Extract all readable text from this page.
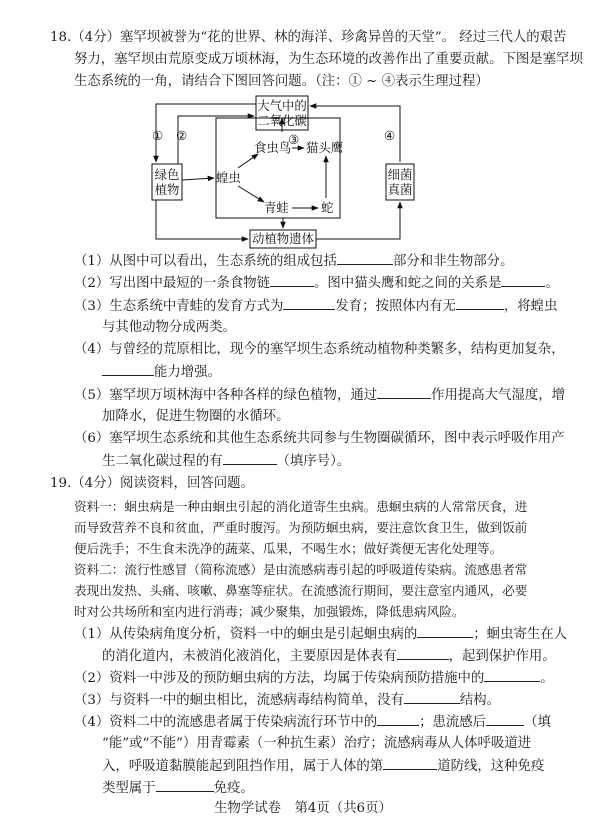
18.（4分）塞罕坝被誉为“花的世界、林的海洋、珍禽异兽的天堂”。 经过三代人的艰苦
努力，塞罕坝由荒原变成万顷林海，为生态环境的改善作出了重要贡献。下图是塞罕坝
生态系统的一角，请结合下图回答问题。（注：① ~ ④表示生理过程）
大气中的
二氧化碳
绿色
植物
细菌
真菌
动植物遗体
食虫鸟 猫头鹰
蝗虫
青蛙	蛇
① ②	③	④
（1）从图中可以看出，生态系统的组成包括	部分和非生物部分。
（2）写出图中最短的一条食物链	。图中猫头鹰和蛇之间的关系是	。
（3）生态系统中青蛙的发育方式为	发育；按照体内有无	，将蝗虫
与其他动物分成两类。
（4）与曾经的荒原相比，现今的塞罕坝生态系统动植物种类繁多，结构更加复杂，
能力增强。
（5）塞罕坝万顷林海中各种各样的绿色植物，通过	作用提高大气湿度，增
加降水，促进生物圈的水循环。
（6）塞罕坝生态系统和其他生态系统共同参与生物圈碳循环，图中表示呼吸作用产
生二氧化碳过程的有	（填序号）。
19.（4分）阅读资料，回答问题。
资料一：蛔虫病是一种由蛔虫引起的消化道寄生虫病。患蛔虫病的人常常厌食，进
而导致营养不良和贫血，严重时腹泻。为预防蛔虫病，要注意饮食卫生，做到饭前
便后洗手；不生食未洗净的蔬菜、瓜果，不喝生水；做好粪便无害化处理等。
资料二：流行性感冒（简称流感）是由流感病毒引起的呼吸道传染病。流感患者常
表现出发热、头痛、咳嗽、鼻塞等症状。在流感流行期间，要注意室内通风，必要
时对公共场所和室内进行消毒；减少聚集，加强锻炼，降低患病风险。
（1）从传染病角度分析，资料一中的蛔虫是引起蛔虫病的	；蛔虫寄生在人
的消化道内，未被消化液消化，主要原因是体表有	，起到保护作用。
（2）资料一中涉及的预防蛔虫病的方法，均属于传染病预防措施中的	。
（3）与资料一中的蛔虫相比，流感病毒结构简单，没有	结构。
（4）资料二中的流感患者属于传染病流行环节中的	；患流感后	（填
“能”或“不能”）用青霉素（一种抗生素）治疗；流感病毒从人体呼吸道进
入，呼吸道黏膜能起到阻挡作用，属于人体的第	道防线，这种免疫
类型属于	免疫。
生物学试卷　第4页（共6页）
